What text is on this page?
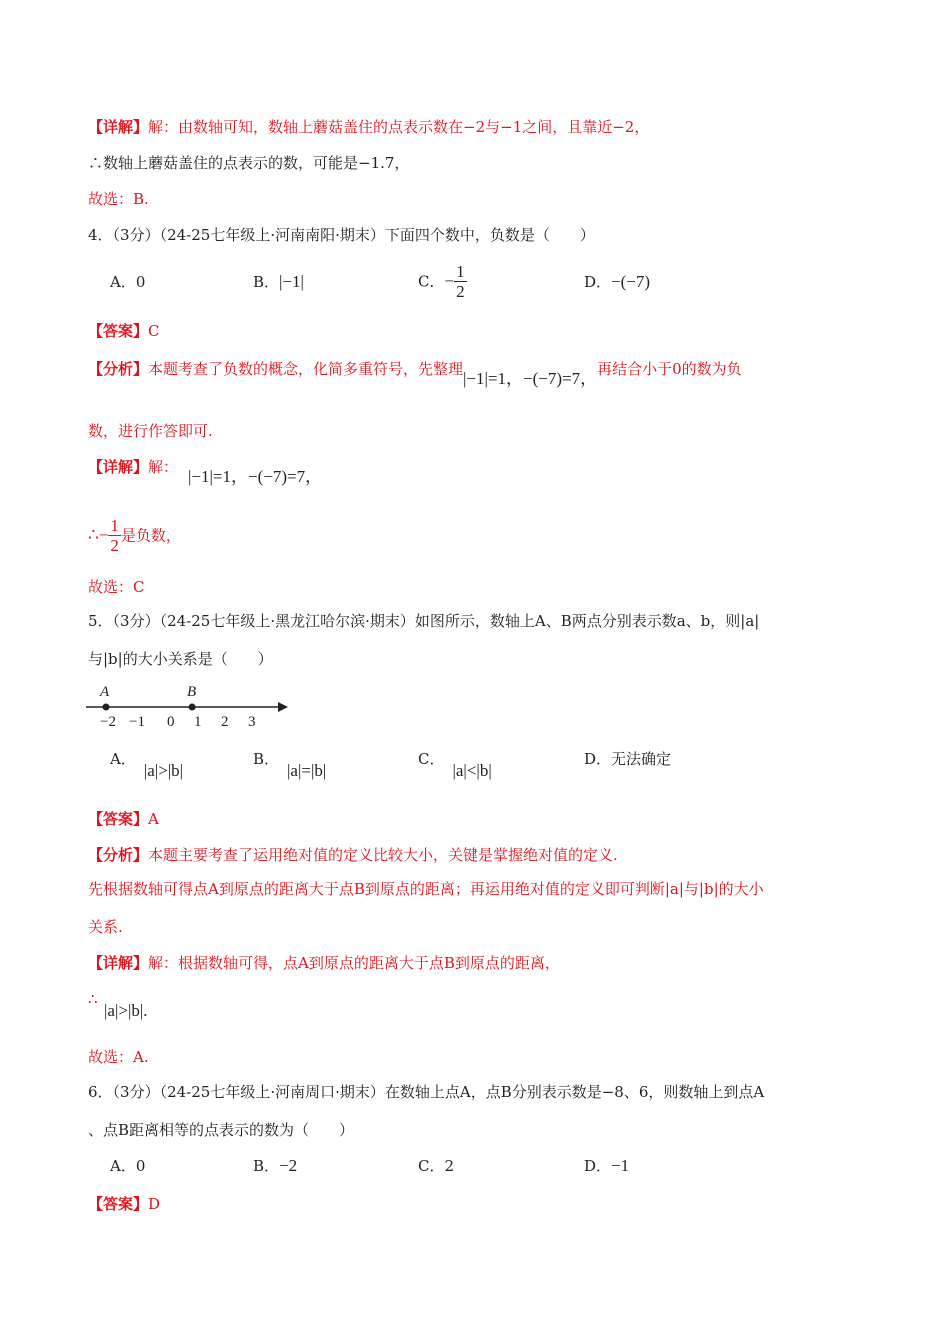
【详解】解：由数轴可知，数轴上蘑菇盖住的点表示数在−2与−1之间，且靠近−2，
∴数轴上蘑菇盖住的点表示的数，可能是−1.7，
故选：B.
4．（3分）（24-25七年级上·河南南阳·期末）下面四个数中，负数是（　　）
A．0	B．|−1|	C．− $\frac{1}{2}$	D．−(−7)
【答案】C
【分析】本题考查了负数的概念，化简多重符号，先整理|−1|=1，−(−7)=7，再结合小于0的数为负
数，进行作答即可.
【详解】解： |−1|=1，−(−7)=7，
∴− $\frac{1}{2}$ 是负数，
故选：C
5．（3分）（24-25七年级上·黑龙江哈尔滨·期末）如图所示，数轴上A、B两点分别表示数a、b，则|a|
与|b|的大小关系是（　　）
A	B
−2 −1 0 1 2 3
A．|a|>|b|
B．|a|=|b|
C．|a|<|b|
D．无法确定
【答案】A
【分析】本题主要考查了运用绝对值的定义比较大小，关键是掌握绝对值的定义.
先根据数轴可得点A到原点的距离大于点B到原点的距离；再运用绝对值的定义即可判断|a|与|b|的大小
关系.
【详解】解：根据数轴可得，点A到原点的距离大于点B到原点的距离，
∴
|a|>|b|.
故选：A.
6．（3分）（24-25七年级上·河南周口·期末）在数轴上点A，点B分别表示数是−8、6，则数轴上到点A
、点B距离相等的点表示的数为（　　）
A．0	B．−2	C．2	D．−1
【答案】D
